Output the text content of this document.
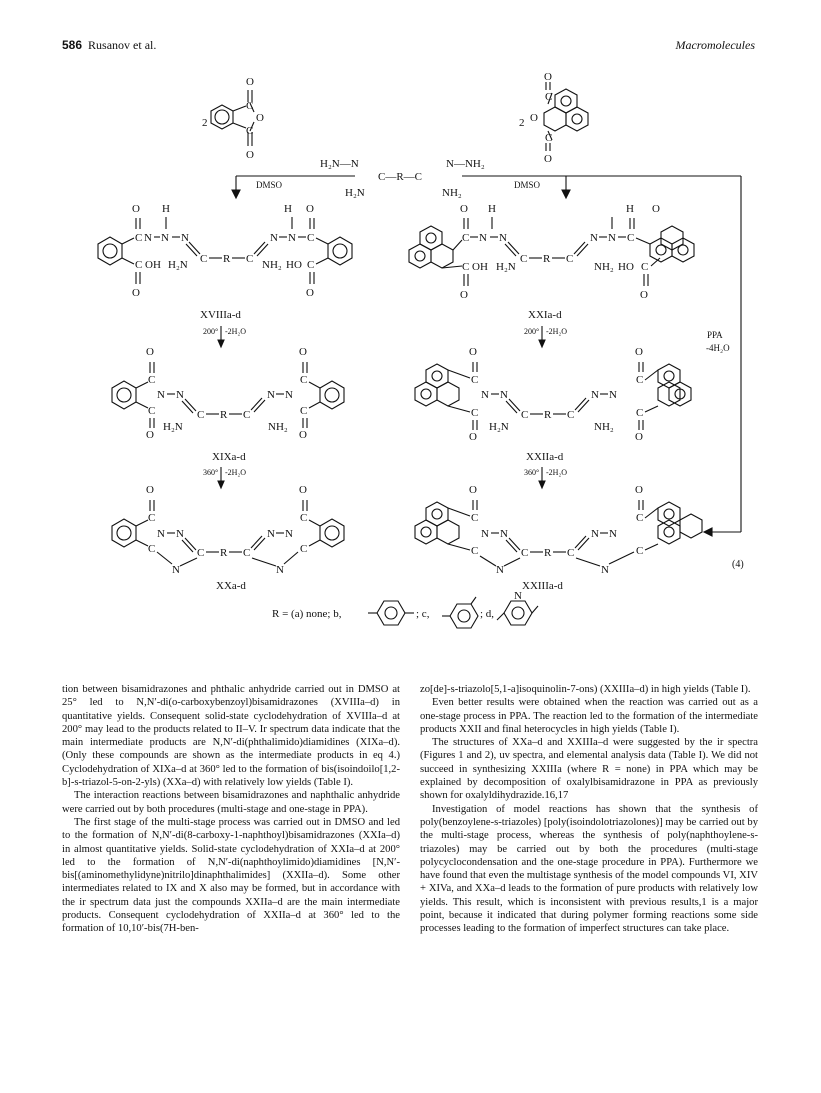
586 Rusanov et al.	Macromolecules
2
O
C
O
C
O
2
O
C
O
C
O
H₂N—N
C—R—C
N—NH₂
H₂N	NH₂
DMSO	DMSO
PPA
-4H₂O
C
C
O
O
H
N N N
OH H₂N C R C
N N
H
C
O
NH₂ HO C
O
XVIIIa-d
200° -2H₂O
C
C
O
O
H
N N
OH H₂N
C R C
N N
H
C
O
NH₂ HO C
O
XXIa-d
200° -2H₂O
C
C
O
O
N N
H₂N
C R C
N N
NH₂
C
C
O
O
XIXa-d
360° -2H₂O
C
C
O
O
N N
H₂N
C R C
N N
NH₂
C
C
O
O
XXIIa-d
360° -2H₂O
C
C
O
N N
N
C R C
N N
N
C
C
O
XXa-d
C
C
O
N N
N
C R C
N N
N
C
C
O
XXIIIa-d
(4)
R = (a) none; b,	; c,	; d,
N

tion between bisamidrazones and phthalic anhydride carried out in DMSO at 25° led to N,N′-di(o-carboxybenzoyl)bisamidrazones (XVIIIa–d) in quantitative yields. Consequent solid-state cyclodehydration of XVIIIa–d at 200° may lead to the products related to II–V. Ir spectrum data indicate that the main intermediate products are N,N′-di(phthalimido)diamidines (XIXa–d). (Only these compounds are shown as the intermediate products in eq 4.) Cyclodehydration of XIXa–d at 360° led to the formation of bis(isoindoilo[1,2-b]-s-triazol-5-on-2-yls) (XXa–d) with relatively low yields (Table I).

The interaction reactions between bisamidrazones and naphthalic anhydride were carried out by both procedures (multi-stage and one-stage in PPA).

The first stage of the multi-stage process was carried out in DMSO and led to the formation of N,N′-di(8-carboxy-1-naphthoyl)bisamidrazones (XXIa–d) in almost quantitative yields. Solid-state cyclodehydration of XXIa–d at 200° led to the formation of N,N′-di(naphthoylimido)diamidines [N,N′-bis[(aminomethylidyne)nitrilo]dinaphthalimides] (XXIIa–d). Some other intermediates related to IX and X also may be formed, but in accordance with the ir spectrum data just the compounds XXIIa–d are the main intermediate products. Consequent cyclodehydration of XXIIa–d at 360° led to the formation of 10,10′-bis(7H-ben-

zo[de]-s-triazolo[5,1-a]isoquinolin-7-ons) (XXIIIa–d) in high yields (Table I).

Even better results were obtained when the reaction was carried out as a one-stage process in PPA. The reaction led to the formation of the intermediate products XXII and final heterocycles in high yields (Table I).

The structures of XXa–d and XXIIIa–d were suggested by the ir spectra (Figures 1 and 2), uv spectra, and elemental analysis data (Table I). We did not succeed in synthesizing XXIIIa (where R = none) in PPA which may be explained by decomposition of oxalylbisamidrazone in PPA as previously shown for oxalyldihydrazide.16,17

Investigation of model reactions has shown that the synthesis of poly(benzoylene-s-triazoles) [poly(isoindolotriazolones)] may be carried out by the multi-stage process, whereas the synthesis of poly(naphthoylene-s-triazoles) may be carried out by both the procedures (multi-stage polycyclocondensation and the one-stage procedure in PPA). Furthermore we have found that even the multistage synthesis of the model compounds VI, XIV + XIVa, and XXa–d leads to the formation of pure products with relatively low yields. This result, which is inconsistent with previous results,1 is a major point, because it indicated that during polymer forming reactions some side processes leading to the formation of imperfect structures can take place.
